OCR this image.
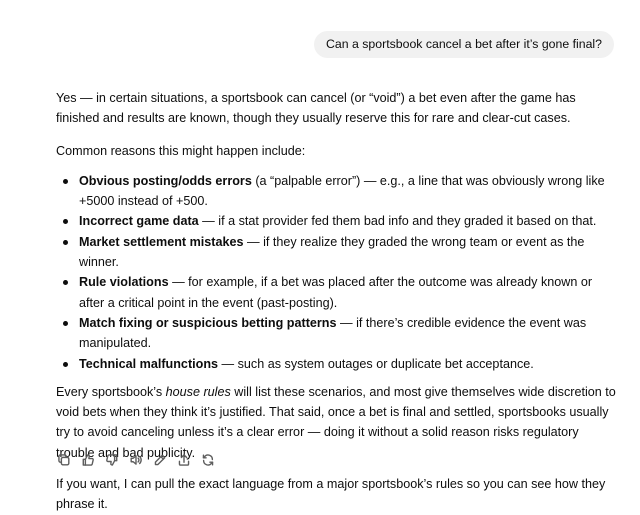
Can a sportsbook cancel a bet after it’s gone final?

Yes — in certain situations, a sportsbook can cancel (or “void”) a bet even after the game has finished and results are known, though they usually reserve this for rare and clear-cut cases.

Common reasons this might happen include:

Obvious posting/odds errors (a “palpable error”) — e.g., a line that was obviously wrong like +5000 instead of +500.
Incorrect game data — if a stat provider fed them bad info and they graded it based on that.
Market settlement mistakes — if they realize they graded the wrong team or event as the winner.
Rule violations — for example, if a bet was placed after the outcome was already known or after a critical point in the event (past-posting).
Match fixing or suspicious betting patterns — if there’s credible evidence the event was manipulated.
Technical malfunctions — such as system outages or duplicate bet acceptance.

Every sportsbook’s house rules will list these scenarios, and most give themselves wide discretion to void bets when they think it’s justified. That said, once a bet is final and settled, sportsbooks usually try to avoid canceling unless it’s a clear error — doing it without a solid reason risks regulatory trouble and bad publicity.

If you want, I can pull the exact language from a major sportsbook’s rules so you can see how they phrase it.
